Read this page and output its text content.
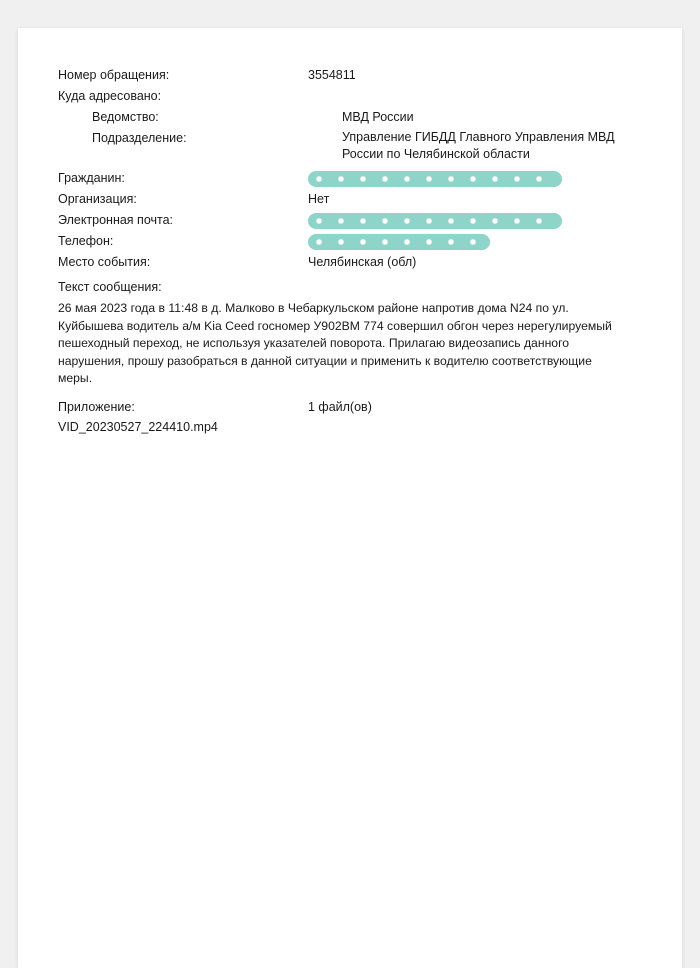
Номер обращения:	3554811
Куда адресовано:
Ведомство:	МВД России
Подразделение:	Управление ГИБДД Главного Управления МВД России по Челябинской области
Гражданин:
Организация:	Нет
Электронная почта:
Телефон:
Место события:	Челябинская (обл)
Текст сообщения:
26 мая 2023 года в 11:48 в д. Малково в Чебаркульском районе напротив дома N24 по ул. Куйбышева водитель а/м Kia Ceed госномер У902ВМ 774 совершил обгон через нерегулируемый пешеходный переход, не используя указателей поворота. Прилагаю видеозапись данного нарушения, прошу разобраться в данной ситуации и применить к водителю соответствующие меры.
Приложение:	1 файл(ов)
VID_20230527_224410.mp4
